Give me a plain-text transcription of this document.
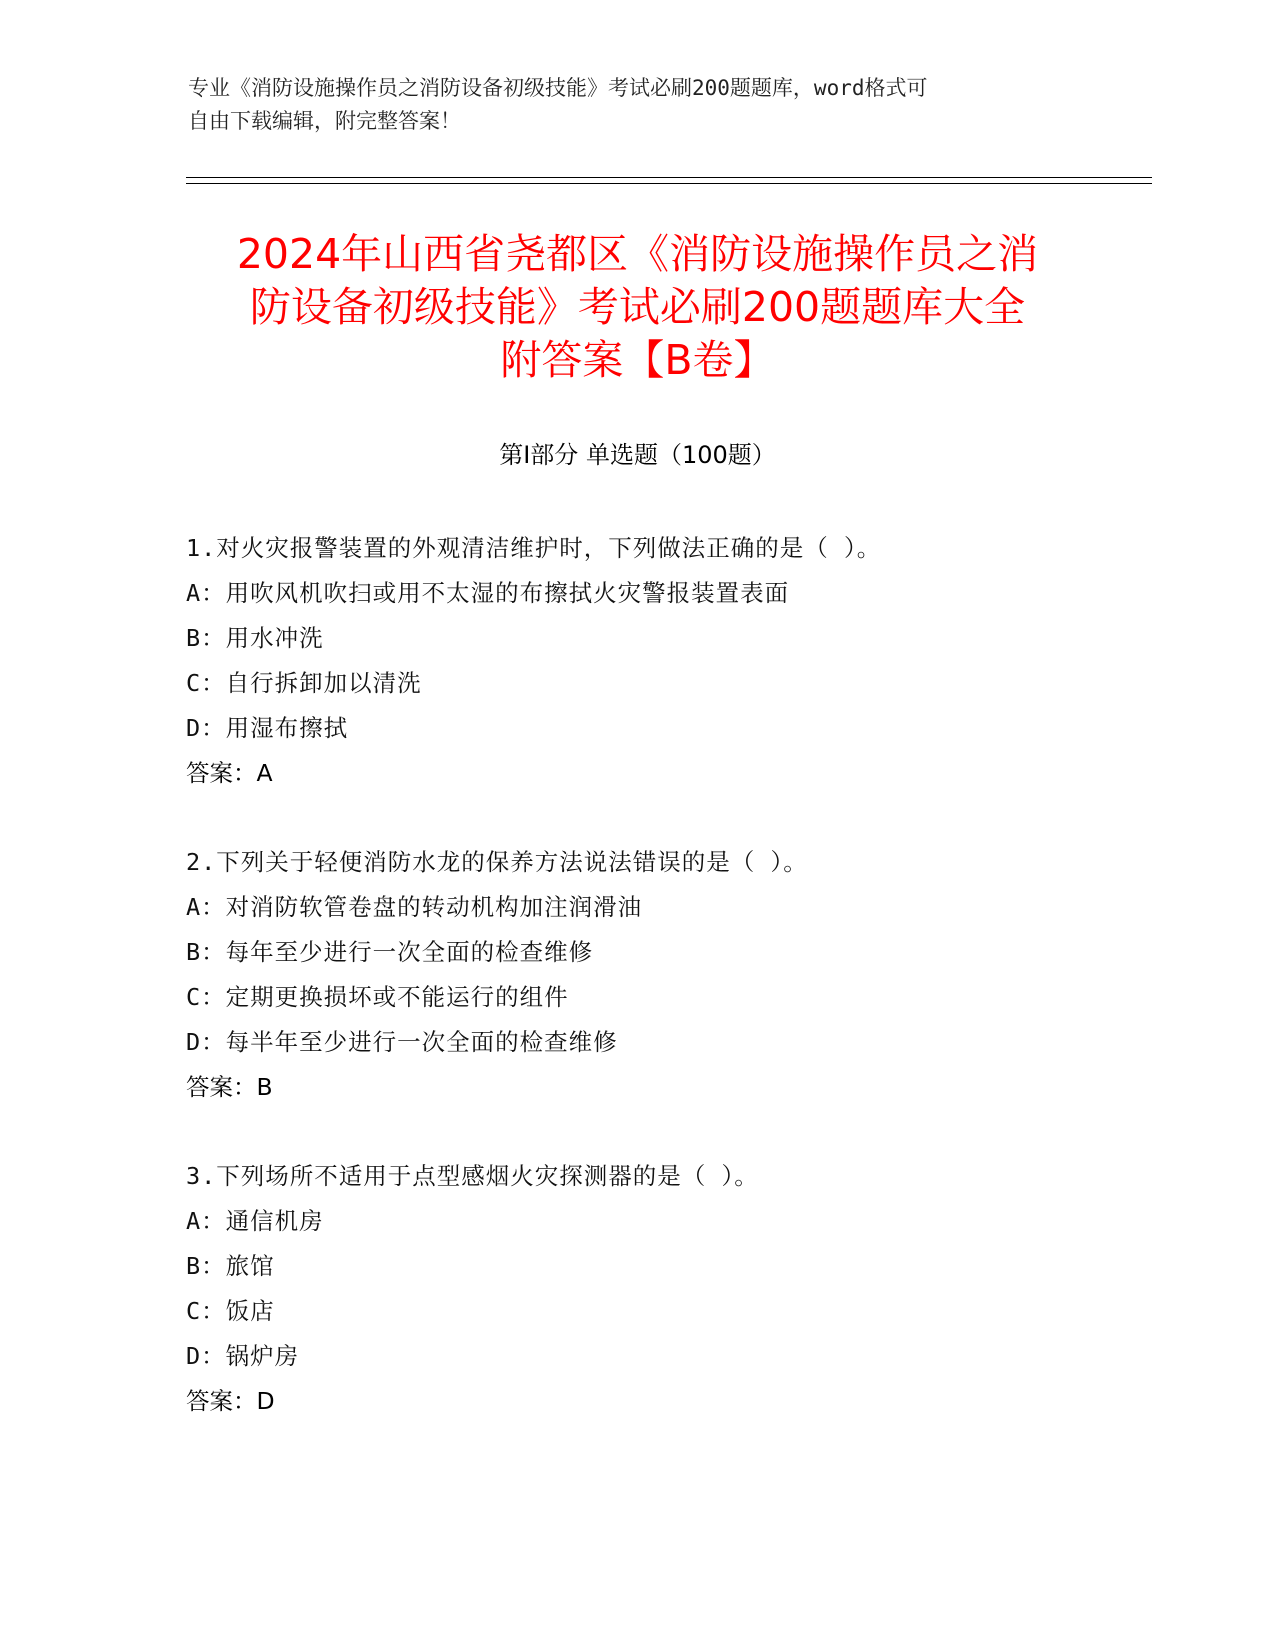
专业《消防设施操作员之消防设备初级技能》考试必刷200题题库，word格式可
自由下载编辑，附完整答案！
2024年山西省尧都区《消防设施操作员之消
防设备初级技能》考试必刷200题题库大全
附答案【B卷】
第I部分 单选题（100题）
1.对火灾报警装置的外观清洁维护时，下列做法正确的是（ ）。
A：用吹风机吹扫或用不太湿的布擦拭火灾警报装置表面
B：用水冲洗
C：自行拆卸加以清洗
D：用湿布擦拭
答案：A
2.下列关于轻便消防水龙的保养方法说法错误的是（ ）。
A：对消防软管卷盘的转动机构加注润滑油
B：每年至少进行一次全面的检查维修
C：定期更换损坏或不能运行的组件
D：每半年至少进行一次全面的检查维修
答案：B
3.下列场所不适用于点型感烟火灾探测器的是（ ）。
A：通信机房
B：旅馆
C：饭店
D：锅炉房
答案：D
